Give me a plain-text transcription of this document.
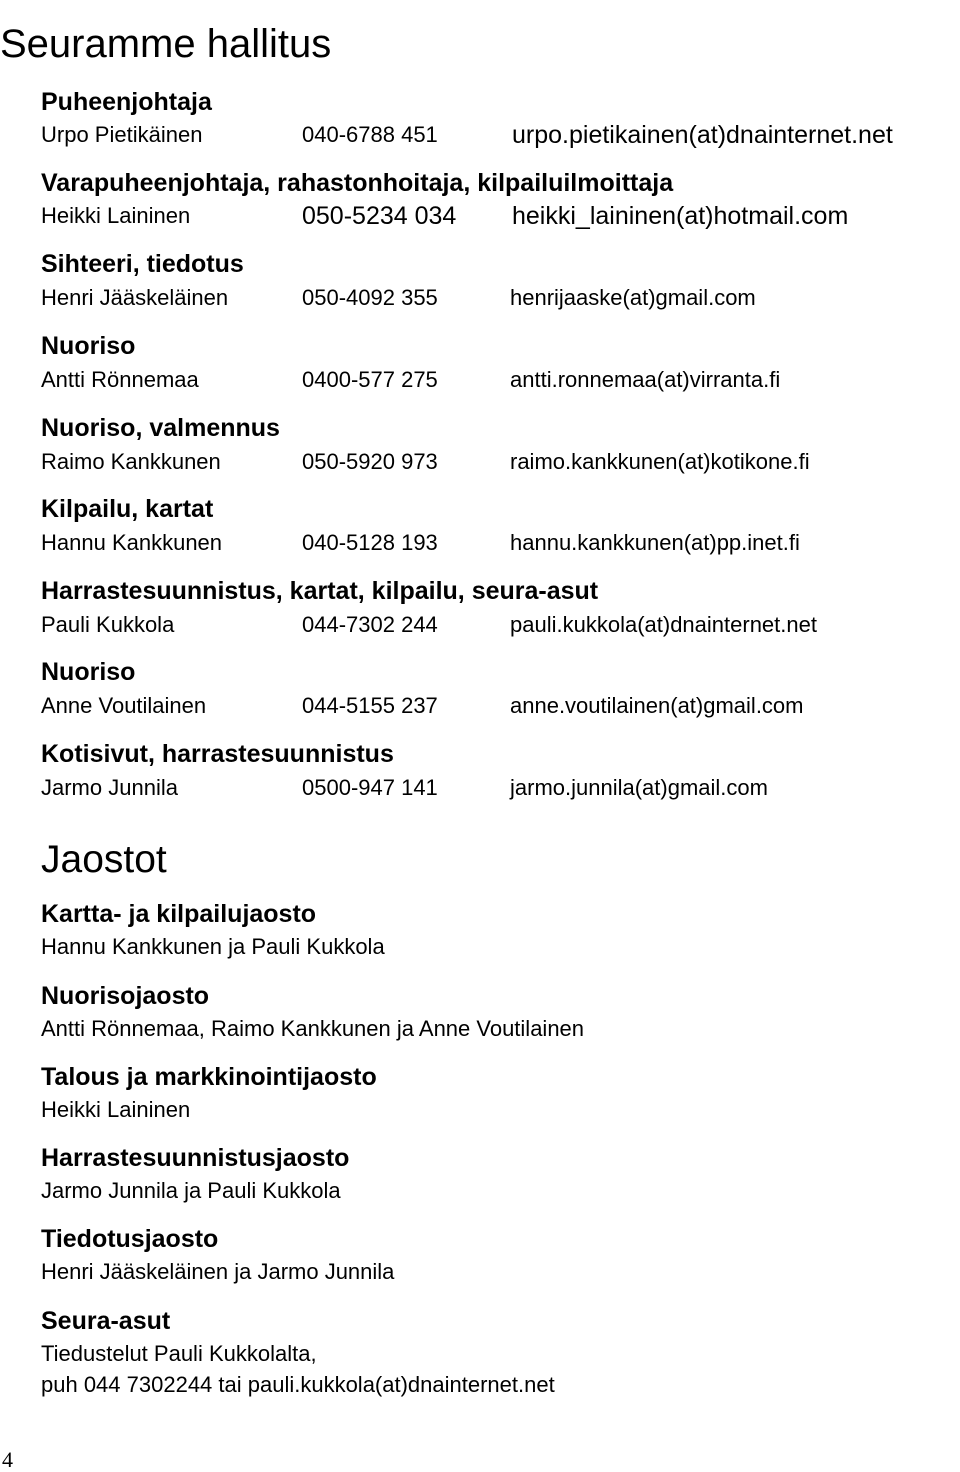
Seuramme hallitus
Puheenjohtaja
Urpo Pietikäinen	040-6788 451	urpo.pietikainen(at)dnainternet.net
Varapuheenjohtaja, rahastonhoitaja, kilpailuilmoittaja
Heikki Laininen	050-5234 034 heikki_laininen(at)hotmail.com
Sihteeri, tiedotus
Henri Jääskeläinen	050-4092 355	henrijaaske(at)gmail.com
Nuoriso
Antti Rönnemaa	0400-577 275	antti.ronnemaa(at)virranta.fi
Nuoriso, valmennus
Raimo Kankkunen	050-5920 973	raimo.kankkunen(at)kotikone.fi
Kilpailu, kartat
Hannu Kankkunen	040-5128 193	hannu.kankkunen(at)pp.inet.fi
Harrastesuunnistus, kartat, kilpailu, seura-asut
Pauli Kukkola	044-7302 244	pauli.kukkola(at)dnainternet.net
Nuoriso
Anne Voutilainen	044-5155 237	anne.voutilainen(at)gmail.com
Kotisivut, harrastesuunnistus
Jarmo Junnila	0500-947 141	jarmo.junnila(at)gmail.com
Jaostot
Kartta- ja kilpailujaosto
Hannu Kankkunen ja Pauli Kukkola
Nuorisojaosto
Antti Rönnemaa, Raimo Kankkunen ja Anne Voutilainen
Talous ja markkinointijaosto
Heikki Laininen
Harrastesuunnistusjaosto
Jarmo Junnila ja Pauli Kukkola
Tiedotusjaosto
Henri Jääskeläinen ja Jarmo Junnila
Seura-asut
Tiedustelut Pauli Kukkolalta,
puh 044 7302244 tai pauli.kukkola(at)dnainternet.net
4
